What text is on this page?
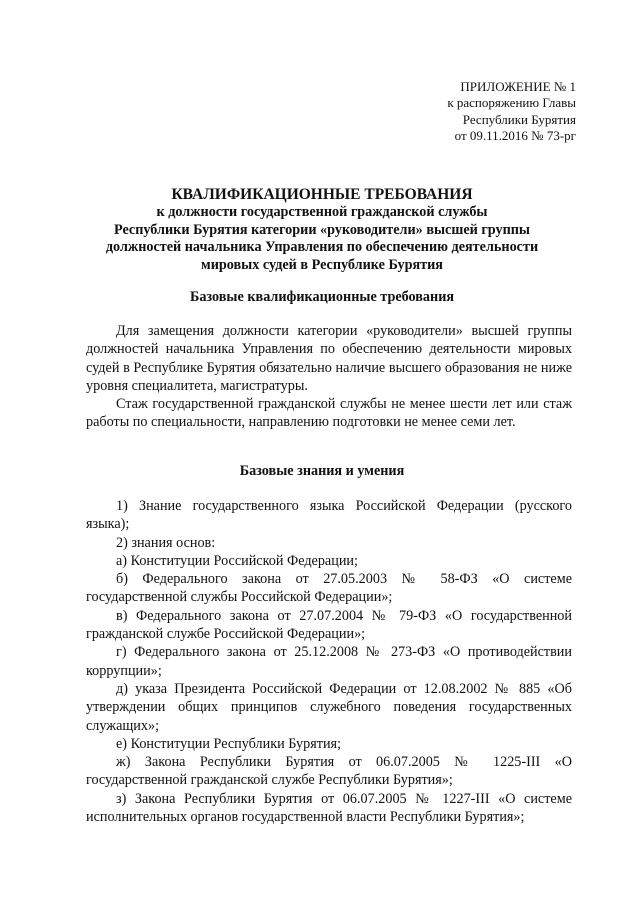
ПРИЛОЖЕНИЕ № 1
к распоряжению Главы
Республики Бурятия
от 09.11.2016 № 73-рг
КВАЛИФИКАЦИОННЫЕ ТРЕБОВАНИЯ
к должности государственной гражданской службы
Республики Бурятия категории «руководители» высшей группы
должностей начальника Управления по обеспечению деятельности
мировых судей в Республике Бурятия
Базовые квалификационные требования

Для замещения должности категории «руководители» высшей группы должностей начальника Управления по обеспечению деятельности мировых судей в Республике Бурятия обязательно наличие высшего образования не ниже уровня специалитета, магистратуры.

Стаж государственной гражданской службы не менее шести лет или стаж работы по специальности, направлению подготовки не менее семи лет.

Базовые знания и умения

1) Знание государственного языка Российской Федерации (русского языка);

2) знания основ:

а) Конституции Российской Федерации;

б) Федерального закона от 27.05.2003 № 58-ФЗ «О системе государственной службы Российской Федерации»;

в) Федерального закона от 27.07.2004 № 79-ФЗ «О государственной гражданской службе Российской Федерации»;

г) Федерального закона от 25.12.2008 № 273-ФЗ «О противодействии коррупции»;

д) указа Президента Российской Федерации от 12.08.2002 № 885 «Об утверждении общих принципов служебного поведения государственных служащих»;

е) Конституции Республики Бурятия;

ж) Закона Республики Бурятия от 06.07.2005 № 1225-III «О государственной гражданской службе Республики Бурятия»;

з) Закона Республики Бурятия от 06.07.2005 № 1227-III «О системе исполнительных органов государственной власти Республики Бурятия»;
